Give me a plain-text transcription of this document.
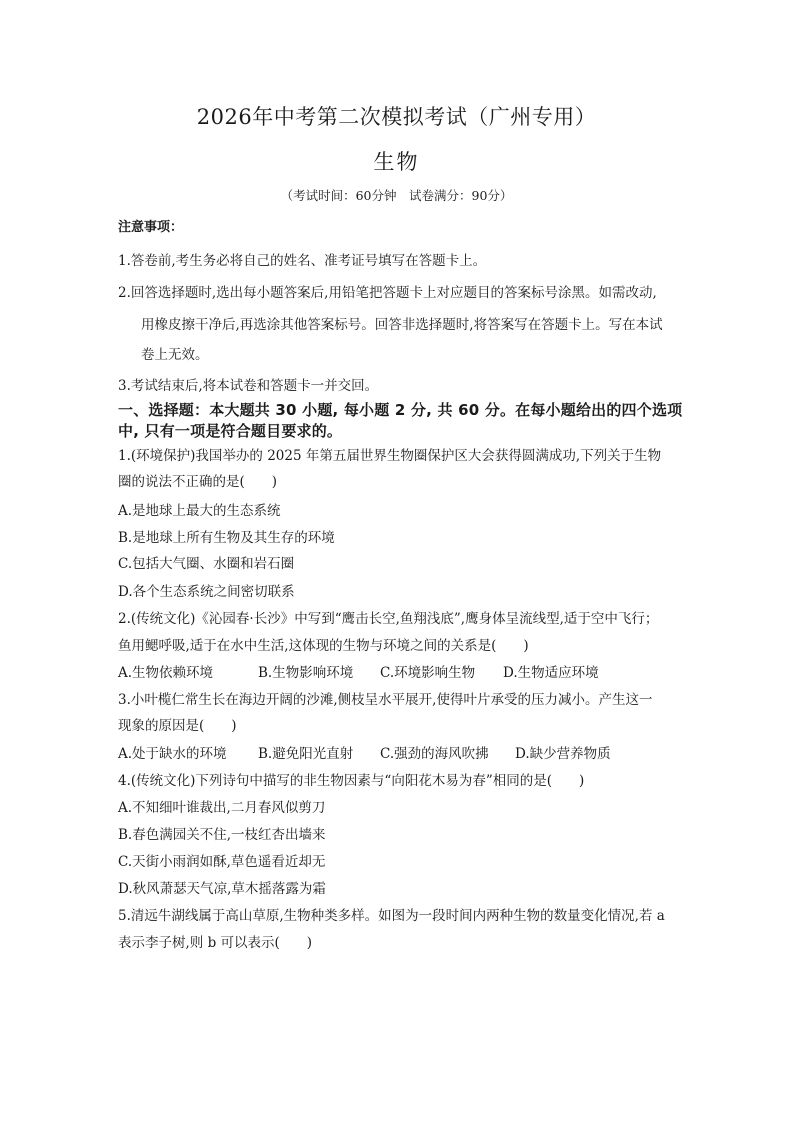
2026年中考第二次模拟考试（广州专用）
生物
（考试时间：60分钟　试卷满分：90分）
注意事项：
1.答卷前,考生务必将自己的姓名、准考证号填写在答题卡上。
2.回答选择题时,选出每小题答案后,用铅笔把答题卡上对应题目的答案标号涂黑。如需改动,
用橡皮擦干净后,再选涂其他答案标号。回答非选择题时,将答案写在答题卡上。写在本试
卷上无效。
3.考试结束后,将本试卷和答题卡一并交回。
一、选择题：本大题共 30 小题, 每小题 2 分, 共 60 分。在每小题给出的四个选项
中, 只有一项是符合题目要求的。
1.(环境保护)我国举办的 2025 年第五届世界生物圈保护区大会获得圆满成功,下列关于生物
圈的说法不正确的是(　　)
A.是地球上最大的生态系统
B.是地球上所有生物及其生存的环境
C.包括大气圈、水圈和岩石圈
D.各个生态系统之间密切联系
2.(传统文化)《沁园春·长沙》中写到“鹰击长空,鱼翔浅底”,鹰身体呈流线型,适于空中飞行；
鱼用鳃呼吸,适于在水中生活,这体现的生物与环境之间的关系是(　　)
A.生物依赖环境	B.生物影响环境 C.环境影响生物 D.生物适应环境
3.小叶榄仁常生长在海边开阔的沙滩,侧枝呈水平展开,使得叶片承受的压力减小。产生这一
现象的原因是(　　)
A.处于缺水的环境 B.避免阳光直射 C.强劲的海风吹拂 D.缺少营养物质
4.(传统文化)下列诗句中描写的非生物因素与“向阳花木易为春”相同的是(　　)
A.不知细叶谁裁出,二月春风似剪刀
B.春色满园关不住,一枝红杏出墙来
C.天街小雨润如酥,草色遥看近却无
D.秋风萧瑟天气凉,草木摇落露为霜
5.清远牛湖线属于高山草原,生物种类多样。如图为一段时间内两种生物的数量变化情况,若 a
表示李子树,则 b 可以表示(　　)
